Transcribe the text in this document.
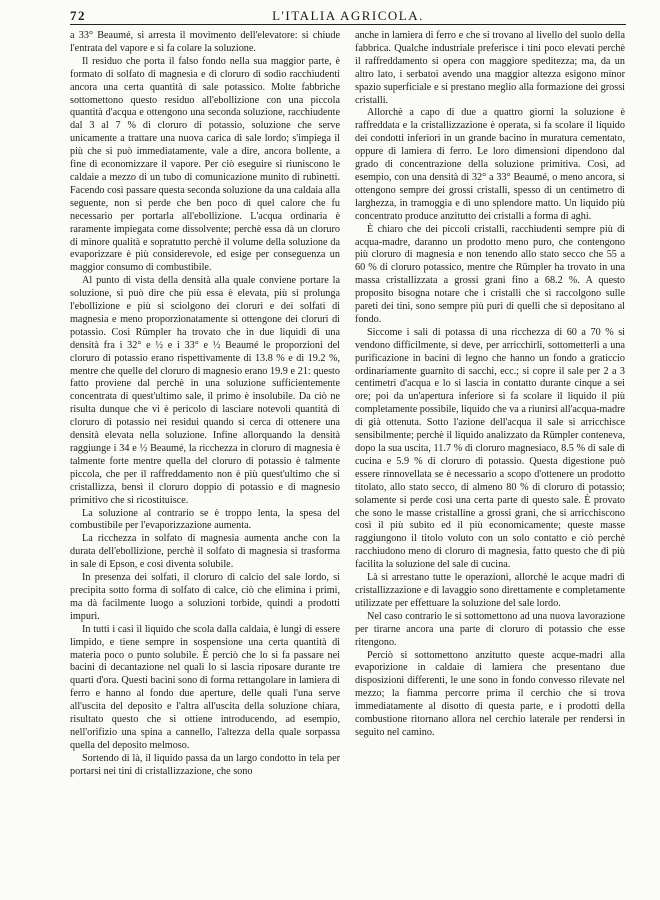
72	L'ITALIA AGRICOLA.

a 33° Beaumé, si arresta il movimento dell'elevatore: si chiude l'entrata del vapore e si fa colare la soluzione.

Il residuo che porta il falso fondo nella sua maggior parte, è formato di solfato di magnesia e di cloruro di sodio racchiudenti ancora una certa quantità di sale potassico. Molte fabbriche sottomettono questo residuo all'ebollizione con una piccola quantità d'acqua e ottengono una seconda soluzione, racchiudente dal 3 al 7 % di cloruro di potassio, soluzione che serve unicamente a trattare una nuova carica di sale lordo; s'impiega il più che si può immediatamente, vale a dire, ancora bollente, a fine di economizzare il vapore. Per ciò eseguire si riuniscono le caldaie a mezzo di un tubo di comunicazione munito di rubinetti. Facendo così passare questa seconda soluzione da una caldaia alla seguente, non si perde che ben poco di quel calore che fu necessario per portarla all'ebollizione. L'acqua ordinaria è raramente impiegata come dissolvente; perchè essa dà un cloruro di minore qualità e sopratutto perchè il volume della soluzione da evaporizzare è più considerevole, ed esige per conseguenza un maggior consumo di combustibile.

Al punto di vista della densità alla quale conviene portare la soluzione, si può dire che più essa è elevata, più si prolunga l'ebollizione e più si sciolgono dei cloruri e dei solfati di magnesia e meno proporzionatamente si ottengone dei cloruri di potassio. Così Rümpler ha trovato che in due liquidi di una densità fra i 32° e ½ e i 33° e ½ Beaumé le proporzioni del cloruro di potassio erano rispettivamente di 13.8 % e di 19.2 %, mentre che quelle del cloruro di magnesio erano 19.9 e 21: questo fatto proviene dal perchè in una soluzione sufficientemente concentrata di quest'ultimo sale, il primo è insolubile. Da ciò ne risulta dunque che vi è pericolo di lasciare notevoli quantità di cloruro di potassio nei residui quando si cerca di ottenere una densità elevata nella soluzione. Infine allorquando la densità raggiunge i 34 e ½ Beaumé, la ricchezza in cloruro di magnesia è talmente forte mentre quella del cloruro di potassio è talmente piccola, che per il raffreddamento non è più quest'ultimo che si cristallizza, bensì il cloruro doppio di potassio e di magnesio primitivo che si ricostituisce.

La soluzione al contrario se è troppo lenta, la spesa del combustibile per l'evaporizzazione aumenta.

La ricchezza in solfato di magnesia aumenta anche con la durata dell'ebollizione, perchè il solfato di magnesia si trasforma in sale di Epson, e così diventa solubile.

In presenza dei solfati, il cloruro di calcio del sale lordo, si precipita sotto forma di solfato di calce, ciò che elimina i primi, ma dà facilmente luogo a soluzioni torbide, quindi a prodotti impuri.

In tutti i casi il liquido che scola dalla caldaia, è lungi di essere limpido, e tiene sempre in sospensione una certa quantità di materia poco o punto solubile. È perciò che lo si fa passare nei bacini di decantazione nel quali lo si lascia riposare durante tre quarti d'ora. Questi bacini sono di forma rettangolare in lamiera di ferro e hanno al fondo due aperture, delle quali l'una serve all'uscita del deposito e l'altra all'uscita della soluzione chiara, risultato questo che si ottiene introducendo, ad esempio, nell'orifizio una spina a cannello, l'altezza della quale sorpassa quella del deposito melmoso.

Sortendo di là, il liquido passa da un largo condotto in tela per portarsi nei tini di cristallizzazione, che sono

anche in lamiera di ferro e che si trovano al livello del suolo della fabbrica. Qualche industriale preferisce i tini poco elevati perchè il raffreddamento si opera con maggiore speditezza; ma, da un altro lato, i serbatoi avendo una maggior altezza esigono minor spazio superficiale e si prestano meglio alla formazione dei grossi cristalli.

Allorchè a capo di due a quattro giorni la soluzione è raffreddata e la cristallizzazione è operata, si fa scolare il liquido dei condotti inferiori in un grande bacino in muratura cementato, oppure di lamiera di ferro. Le loro dimensioni dipendono dal grado di concentrazione della soluzione primitiva. Così, ad esempio, con una densità di 32° a 33° Beaumé, o meno ancora, si ottengono sempre dei grossi cristalli, spesso di un centimetro di larghezza, in tramoggia e di uno splendore matto. Un liquido più concentrato produce anzitutto dei cristalli a forma di aghi.

È chiaro che dei piccoli cristalli, racchiudenti sempre più di acqua-madre, daranno un prodotto meno puro, che contengono più cloruro di magnesia e non tenendo allo stato secco che 55 a 60 % di cloruro potassico, mentre che Rümpler ha trovato in una massa cristallizzata a grossi grani fino a 68.2 %. A questo proposito bisogna notare che i cristalli che si raccolgono sulle pareti dei tini, sono sempre più puri di quelli che si depositano al fondo.

Siccome i sali di potassa di una ricchezza di 60 a 70 % si vendono difficilmente, si deve, per arricchirli, sottometterli a una purificazione in bacini di legno che hanno un fondo a graticcio ordinariamente guarnito di sacchi, ecc.; si copre il sale per 2 a 3 centimetri d'acqua e lo si lascia in contatto durante cinque a sei ore; poi da un'apertura inferiore si fa scolare il liquido il più completamente possibile, liquido che va a riunirsi all'acqua-madre di già ottenuta. Sotto l'azione dell'acqua il sale si arricchisce sensibilmente; perchè il liquido analizzato da Rümpler conteneva, dopo la sua uscita, 11.7 % di cloruro magnesiaco, 8.5 % di sale di cucina e 5.9 % di cloruro di potassio. Questa digestione può essere rinnovellata se è necessario a scopo d'ottenere un prodotto titolato, allo stato secco, di almeno 80 % di cloruro di potassio; solamente si perde così una certa parte di questo sale. È provato che sono le masse cristalline a grossi grani, che si arricchiscono così il più subito ed il più economicamente; queste masse raggiungono il titolo voluto con un solo contatto e ciò perchè racchiudono meno di cloruro di magnesia, fatto questo che di più facilita la soluzione del sale di cucina.

Là si arrestano tutte le operazioni, allorchè le acque madri di cristallizzazione e di lavaggio sono direttamente e completamente utilizzate per effettuare la soluzione del sale lordo.

Nel caso contrario le si sottomettono ad una nuova lavorazione per tirarne ancora una parte di cloruro di potassio che esse ritengono.

Perciò si sottomettono anzitutto queste acque-madri alla evaporizione in caldaie di lamiera che presentano due disposizioni differenti, le une sono in fondo convesso rilevate nel mezzo; la fiamma percorre prima il cerchio che si trova immediatamente al disotto di questa parte, e i prodotti della combustione ritornano allora nel cerchio laterale per rendersi in seguito nel camino.
